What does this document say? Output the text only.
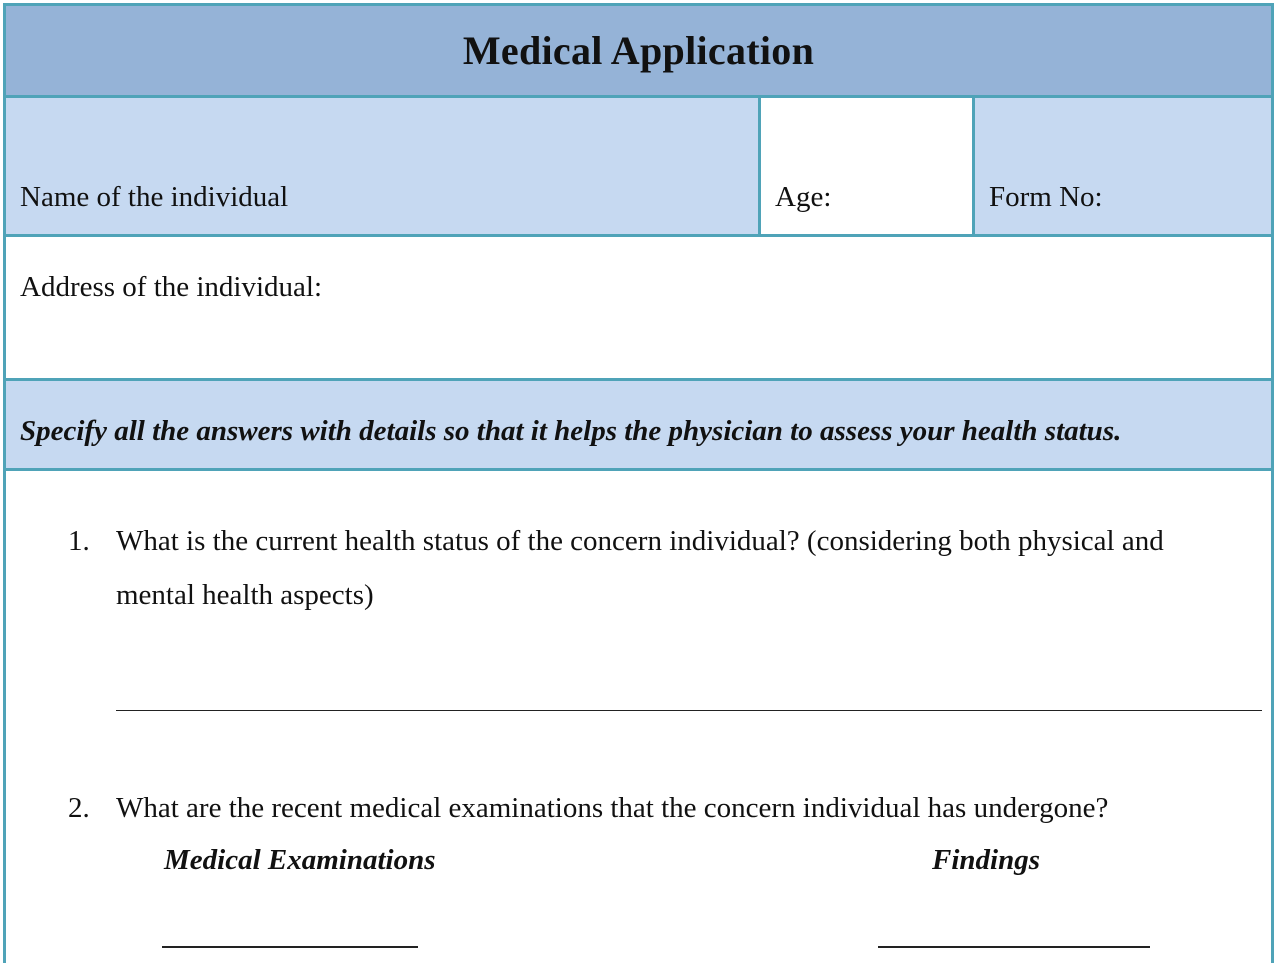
Medical Application
Name of the individual	Age:	Form No:
Address of the individual:
Specify all the answers with details so that it helps the physician to assess your health status.
1. What is the current health status of the concern individual? (considering both physical and mental health aspects)
2. What are the recent medical examinations that the concern individual has undergone?
Medical Examinations	Findings
